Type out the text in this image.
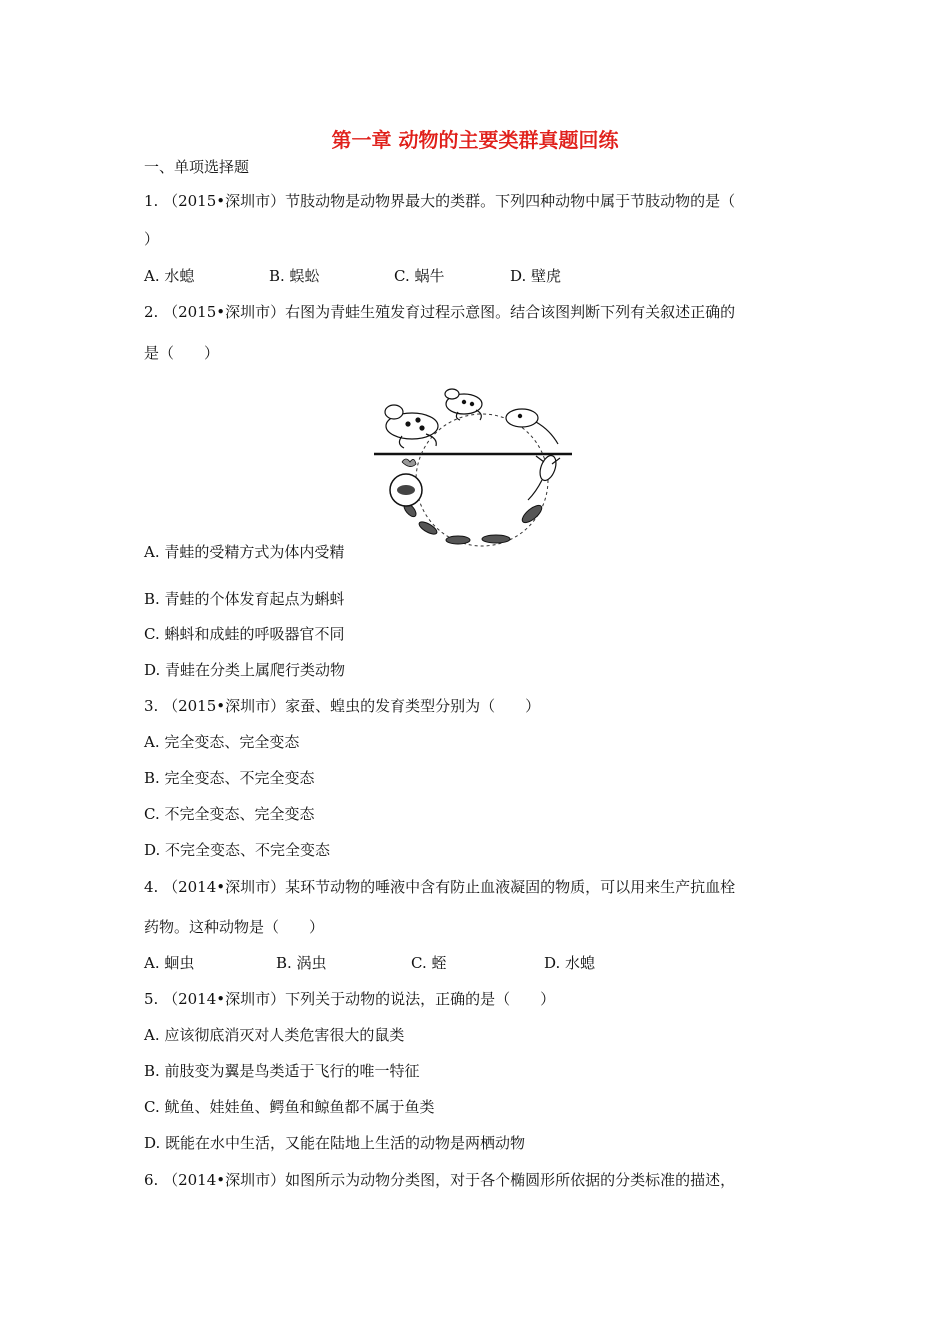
第一章 动物的主要类群真题回练
一、单项选择题
1. （2015•深圳市）节肢动物是动物界最大的类群。下列四种动物中属于节肢动物的是（
）
A. 水螅	B. 蜈蚣	C. 蜗牛	D. 壁虎
2. （2015•深圳市）右图为青蛙生殖发育过程示意图。结合该图判断下列有关叙述正确的
是（　　）
A. 青蛙的受精方式为体内受精
B. 青蛙的个体发育起点为蝌蚪
C. 蝌蚪和成蛙的呼吸器官不同
D. 青蛙在分类上属爬行类动物
3. （2015•深圳市）家蚕、蝗虫的发育类型分别为（　　）
A. 完全变态、完全变态
B. 完全变态、不完全变态
C. 不完全变态、完全变态
D. 不完全变态、不完全变态
4. （2014•深圳市）某环节动物的唾液中含有防止血液凝固的物质，可以用来生产抗血栓
药物。这种动物是（　　）
A. 蛔虫	B. 涡虫	C. 蛭	D. 水螅
5. （2014•深圳市）下列关于动物的说法，正确的是（　　）
A. 应该彻底消灭对人类危害很大的鼠类
B. 前肢变为翼是鸟类适于飞行的唯一特征
C. 鱿鱼、娃娃鱼、鳄鱼和鲸鱼都不属于鱼类
D. 既能在水中生活，又能在陆地上生活的动物是两栖动物
6. （2014•深圳市）如图所示为动物分类图，对于各个椭圆形所依据的分类标准的描述，
